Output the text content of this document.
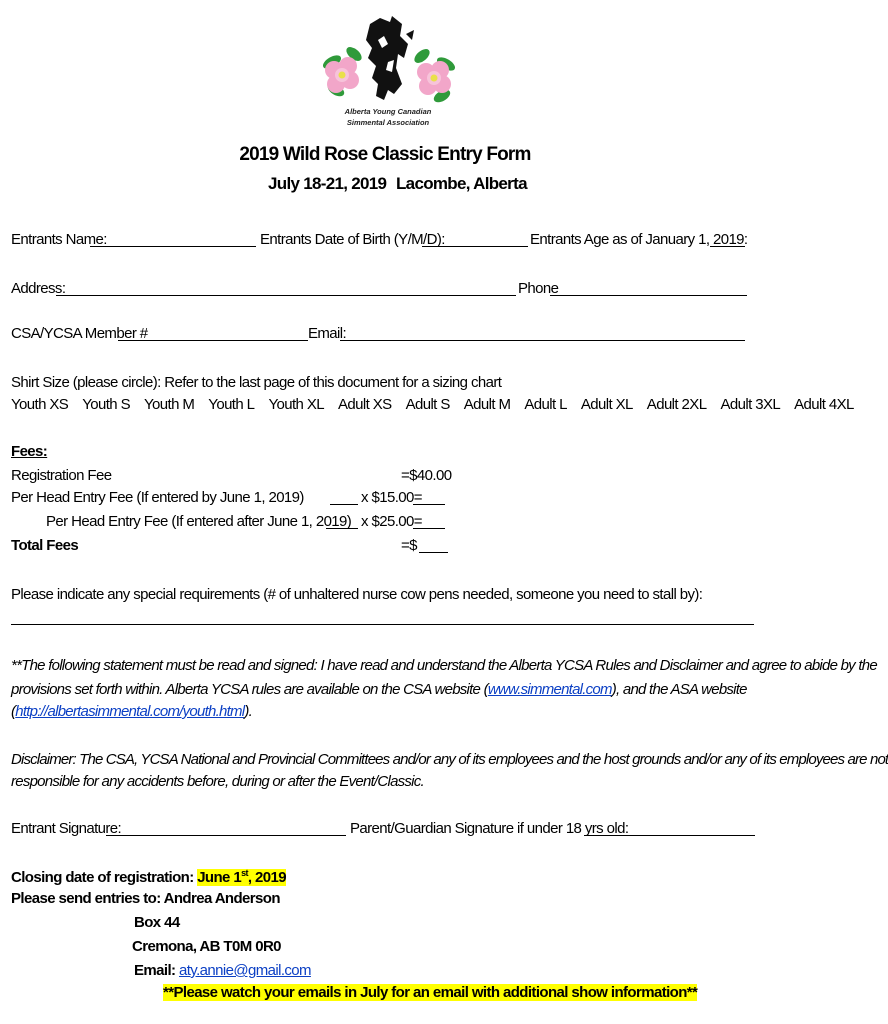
Alberta Young Canadian
Simmental Association
2019 Wild Rose Classic Entry Form
July 18-21, 2019 Lacombe, Alberta
Entrants Name:	Entrants Date of Birth (Y/M/D):	Entrants Age as of January 1, 2019:
Address:	Phone
CSA/YCSA Member #	Email:
Shirt Size (please circle): Refer to the last page of this document for a sizing chart
Youth XS Youth S Youth M Youth L Youth XL Adult XS Adult S Adult M Adult L Adult XL Adult 2XL Adult 3XL Adult 4XL
Fees:
Registration Fee	=$40.00
Per Head Entry Fee (If entered by June 1, 2019)	x $15.00=
Per Head Entry Fee (If entered after June 1, 2019) x $25.00=
Total Fees	=$
Please indicate any special requirements (# of unhaltered nurse cow pens needed, someone you need to stall by):
**The following statement must be read and signed: I have read and understand the Alberta YCSA Rules and Disclaimer and agree to abide by the
provisions set forth within. Alberta YCSA rules are available on the CSA website (www.simmental.com), and the ASA website
(http://albertasimmental.com/youth.html).
Disclaimer: The CSA, YCSA National and Provincial Committees and/or any of its employees and the host grounds and/or any of its employees are not
responsible for any accidents before, during or after the Event/Classic.
Entrant Signature:	Parent/Guardian Signature if under 18 yrs old:
Closing date of registration: June 1st, 2019
Please send entries to: Andrea Anderson
Box 44
Cremona, AB T0M 0R0
Email: aty.annie@gmail.com
**Please watch your emails in July for an email with additional show information**
